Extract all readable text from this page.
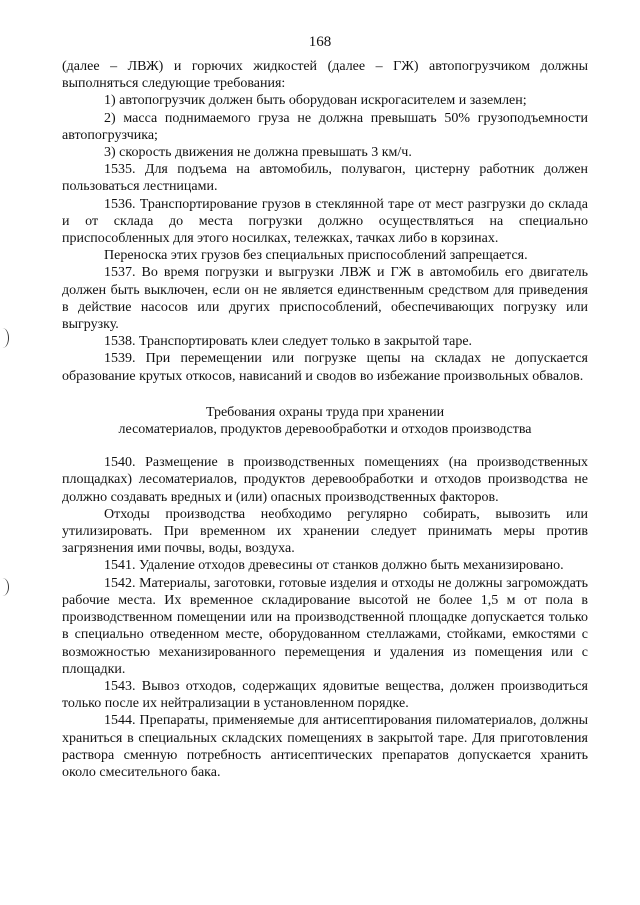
168

(далее – ЛВЖ) и горючих жидкостей (далее – ГЖ) автопогрузчиком должны выполняться следующие требования:

1) автопогрузчик должен быть оборудован искрогасителем и заземлен;

2) масса поднимаемого груза не должна превышать 50% грузоподъемности автопогрузчика;

3) скорость движения не должна превышать 3 км/ч.

1535. Для подъема на автомобиль, полувагон, цистерну работник должен пользоваться лестницами.

1536. Транспортирование грузов в стеклянной таре от мест разгрузки до склада и от склада до места погрузки должно осуществляться на специально приспособленных для этого носилках, тележках, тачках либо в корзинах.

Переноска этих грузов без специальных приспособлений запрещается.

1537. Во время погрузки и выгрузки ЛВЖ и ГЖ в автомобиль его двигатель должен быть выключен, если он не является единственным средством для приведения в действие насосов или других приспособлений, обеспечивающих погрузку или выгрузку.

1538. Транспортировать клеи следует только в закрытой таре.

1539. При перемещении или погрузке щепы на складах не допускается образование крутых откосов, нависаний и сводов во избежание произвольных обвалов.

Требования охраны труда при хранении

лесоматериалов, продуктов деревообработки и отходов производства

1540. Размещение в производственных помещениях (на производственных площадках) лесоматериалов, продуктов деревообработки и отходов производства не должно создавать вредных и (или) опасных производственных факторов.

Отходы производства необходимо регулярно собирать, вывозить или утилизировать. При временном их хранении следует принимать меры против загрязнения ими почвы, воды, воздуха.

1541. Удаление отходов древесины от станков должно быть механизировано.

1542. Материалы, заготовки, готовые изделия и отходы не должны загромождать рабочие места. Их временное складирование высотой не более 1,5 м от пола в производственном помещении или на производственной площадке допускается только в специально отведенном месте, оборудованном стеллажами, стойками, емкостями с возможностью механизированного перемещения и удаления из помещения или с площадки.

1543. Вывоз отходов, содержащих ядовитые вещества, должен производиться только после их нейтрализации в установленном порядке.

1544. Препараты, применяемые для антисептирования пиломатериалов, должны храниться в специальных складских помещениях в закрытой таре. Для приготовления раствора сменную потребность антисептических препаратов допускается хранить около смесительного бака.
